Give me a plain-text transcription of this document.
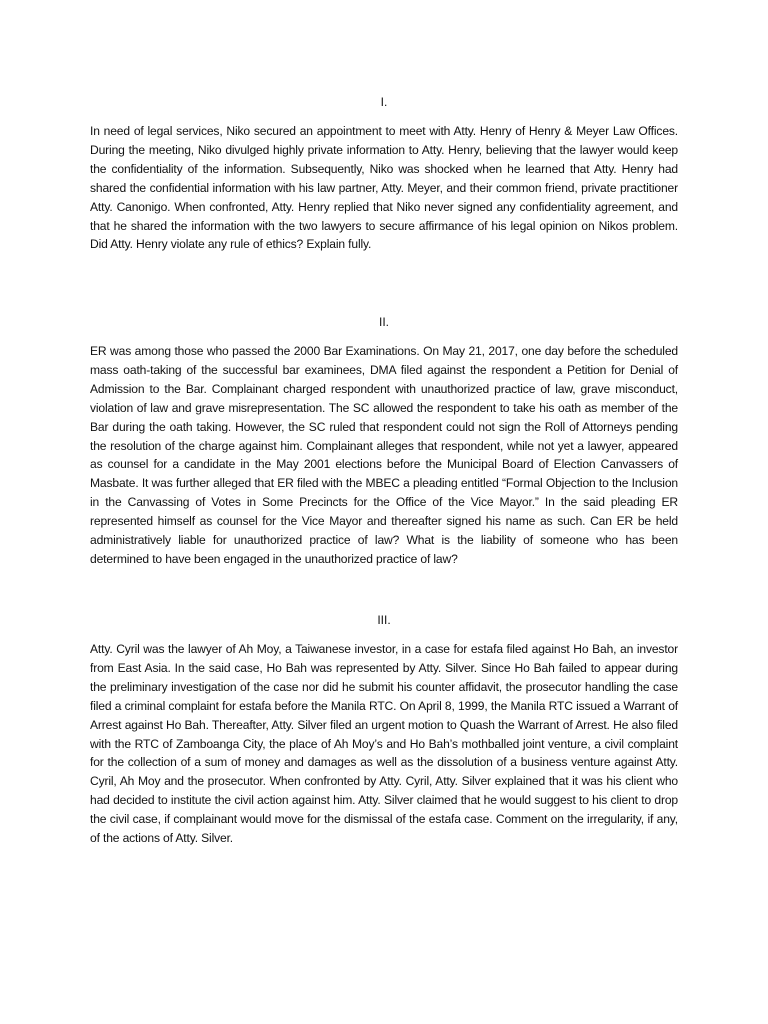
I.

In need of legal services, Niko secured an appointment to meet with Atty. Henry of Henry & Meyer Law Offices. During the meeting, Niko divulged highly private information to Atty. Henry, believing that the lawyer would keep the confidentiality of the information. Subsequently, Niko was shocked when he learned that Atty. Henry had shared the confidential information with his law partner, Atty. Meyer, and their common friend, private practitioner Atty. Canonigo. When confronted, Atty. Henry replied that Niko never signed any confidentiality agreement, and that he shared the information with the two lawyers to secure affirmance of his legal opinion on Nikos problem. Did Atty. Henry violate any rule of ethics? Explain fully.

II.

ER was among those who passed the 2000 Bar Examinations. On May 21, 2017, one day before the scheduled mass oath-taking of the successful bar examinees, DMA filed against the respondent a Petition for Denial of Admission to the Bar. Complainant charged respondent with unauthorized practice of law, grave misconduct, violation of law and grave misrepresentation. The SC allowed the respondent to take his oath as member of the Bar during the oath taking. However, the SC ruled that respondent could not sign the Roll of Attorneys pending the resolution of the charge against him. Complainant alleges that respondent, while not yet a lawyer, appeared as counsel for a candidate in the May 2001 elections before the Municipal Board of Election Canvassers of Masbate. It was further alleged that ER filed with the MBEC a pleading entitled “Formal Objection to the Inclusion in the Canvassing of Votes in Some Precincts for the Office of the Vice Mayor.” In the said pleading ER represented himself as counsel for the Vice Mayor and thereafter signed his name as such. Can ER be held administratively liable for unauthorized practice of law? What is the liability of someone who has been determined to have been engaged in the unauthorized practice of law?

III.

Atty. Cyril was the lawyer of Ah Moy, a Taiwanese investor, in a case for estafa filed against Ho Bah, an investor from East Asia. In the said case, Ho Bah was represented by Atty. Silver. Since Ho Bah failed to appear during the preliminary investigation of the case nor did he submit his counter affidavit, the prosecutor handling the case filed a criminal complaint for estafa before the Manila RTC. On April 8, 1999, the Manila RTC issued a Warrant of Arrest against Ho Bah. Thereafter, Atty. Silver filed an urgent motion to Quash the Warrant of Arrest. He also filed with the RTC of Zamboanga City, the place of Ah Moy’s and Ho Bah’s mothballed joint venture, a civil complaint for the collection of a sum of money and damages as well as the dissolution of a business venture against Atty. Cyril, Ah Moy and the prosecutor. When confronted by Atty. Cyril, Atty. Silver explained that it was his client who had decided to institute the civil action against him. Atty. Silver claimed that he would suggest to his client to drop the civil case, if complainant would move for the dismissal of the estafa case. Comment on the irregularity, if any, of the actions of Atty. Silver.
